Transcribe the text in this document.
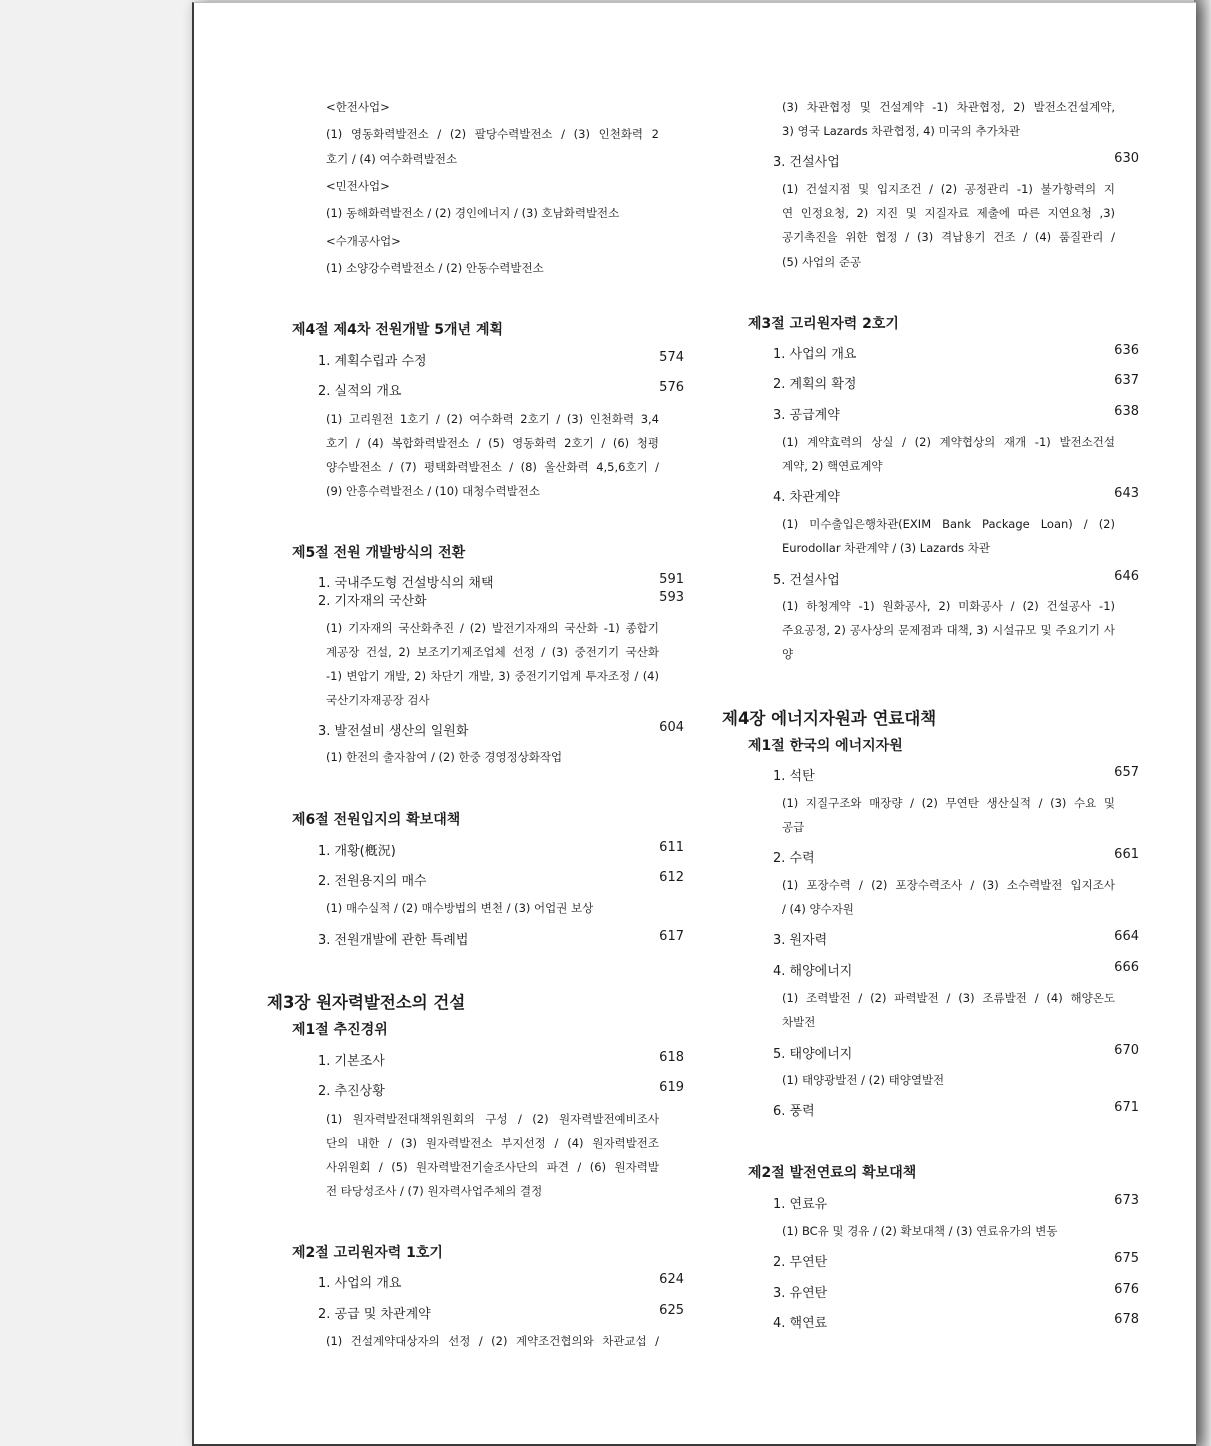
<한전사업>
(1) 영동화력발전소 / (2) 팔당수력발전소 / (3) 인천화력 2
호기 / (4) 여수화력발전소
<민전사업>
(1) 동해화력발전소 / (2) 경인에너지 / (3) 호남화력발전소
<수개공사업>
(1) 소양강수력발전소 / (2) 안동수력발전소
제4절 제4차 전원개발 5개년 계획
1. 계획수립과 수정	574
2. 실적의 개요	576
(1) 고리원전 1호기 / (2) 여수화력 2호기 / (3) 인천화력 3,4
호기 / (4) 복합화력발전소 / (5) 영동화력 2호기 / (6) 청평
양수발전소 / (7) 평택화력발전소 / (8) 울산화력 4,5,6호기 /
(9) 안흥수력발전소 / (10) 대청수력발전소
제5절 전원 개발방식의 전환
1. 국내주도형 건설방식의 채택	591
2. 기자재의 국산화	593
(1) 기자재의 국산화추진 / (2) 발전기자재의 국산화 -1) 종합기
계공장 건설, 2) 보조기기제조업체 선정 / (3) 중전기기 국산화
-1) 변압기 개발, 2) 차단기 개발, 3) 중전기기업계 투자조정 / (4)
국산기자재공장 검사
3. 발전설비 생산의 일원화	604
(1) 한전의 출자참여 / (2) 한중 경영정상화작업
제6절 전원입지의 확보대책
1. 개황(槪況)	611
2. 전원용지의 매수	612
(1) 매수실적 / (2) 매수방법의 변천 / (3) 어업권 보상
3. 전원개발에 관한 특례법	617
제3장 원자력발전소의 건설
제1절 추진경위
1. 기본조사	618
2. 추진상황	619
(1) 원자력발전대책위원회의 구성 / (2) 원자력발전예비조사
단의 내한 / (3) 원자력발전소 부지선정 / (4) 원자력발전조
사위원회 / (5) 원자력발전기술조사단의 파견 / (6) 원자력발
전 타당성조사 / (7) 원자력사업주체의 결정
제2절 고리원자력 1호기
1. 사업의 개요	624
2. 공급 및 차관계약	625
(1) 건설계약대상자의 선정 / (2) 계약조건협의와 차관교섭 /
(3) 차관협정 및 건설계약 -1) 차관협정, 2) 발전소건설계약,
3) 영국 Lazards 차관협정, 4) 미국의 추가차관
3. 건설사업	630
(1) 건설지점 및 입지조건 / (2) 공정관리 -1) 불가항력의 지
연 인정요청, 2) 지진 및 지질자료 제출에 따른 지연요청 ,3)
공기촉진을 위한 협정 / (3) 격납용기 건조 / (4) 품질관리 /
(5) 사업의 준공
제3절 고리원자력 2호기
1. 사업의 개요	636
2. 계획의 확정	637
3. 공급계약	638
(1) 계약효력의 상실 / (2) 계약협상의 재개 -1) 발전소건설
계약, 2) 핵연료계약
4. 차관계약	643
(1) 미수출입은행차관(EXIM Bank Package Loan) / (2)
Eurodollar 차관계약 / (3) Lazards 차관
5. 건설사업	646
(1) 하청계약 -1) 원화공사, 2) 미화공사 / (2) 건설공사 -1)
주요공정, 2) 공사상의 문제점과 대책, 3) 시설규모 및 주요기기 사
양
제4장 에너지자원과 연료대책
제1절 한국의 에너지자원
1. 석탄	657
(1) 지질구조와 매장량 / (2) 무연탄 생산실적 / (3) 수요 및
공급
2. 수력	661
(1) 포장수력 / (2) 포장수력조사 / (3) 소수력발전 입지조사
/ (4) 양수자원
3. 원자력	664
4. 해양에너지	666
(1) 조력발전 / (2) 파력발전 / (3) 조류발전 / (4) 해양온도
차발전
5. 태양에너지	670
(1) 태양광발전 / (2) 태양열발전
6. 풍력	671
제2절 발전연료의 확보대책
1. 연료유	673
(1) BC유 및 경유 / (2) 확보대책 / (3) 연료유가의 변동
2. 무연탄	675
3. 유연탄	676
4. 핵연료	678
